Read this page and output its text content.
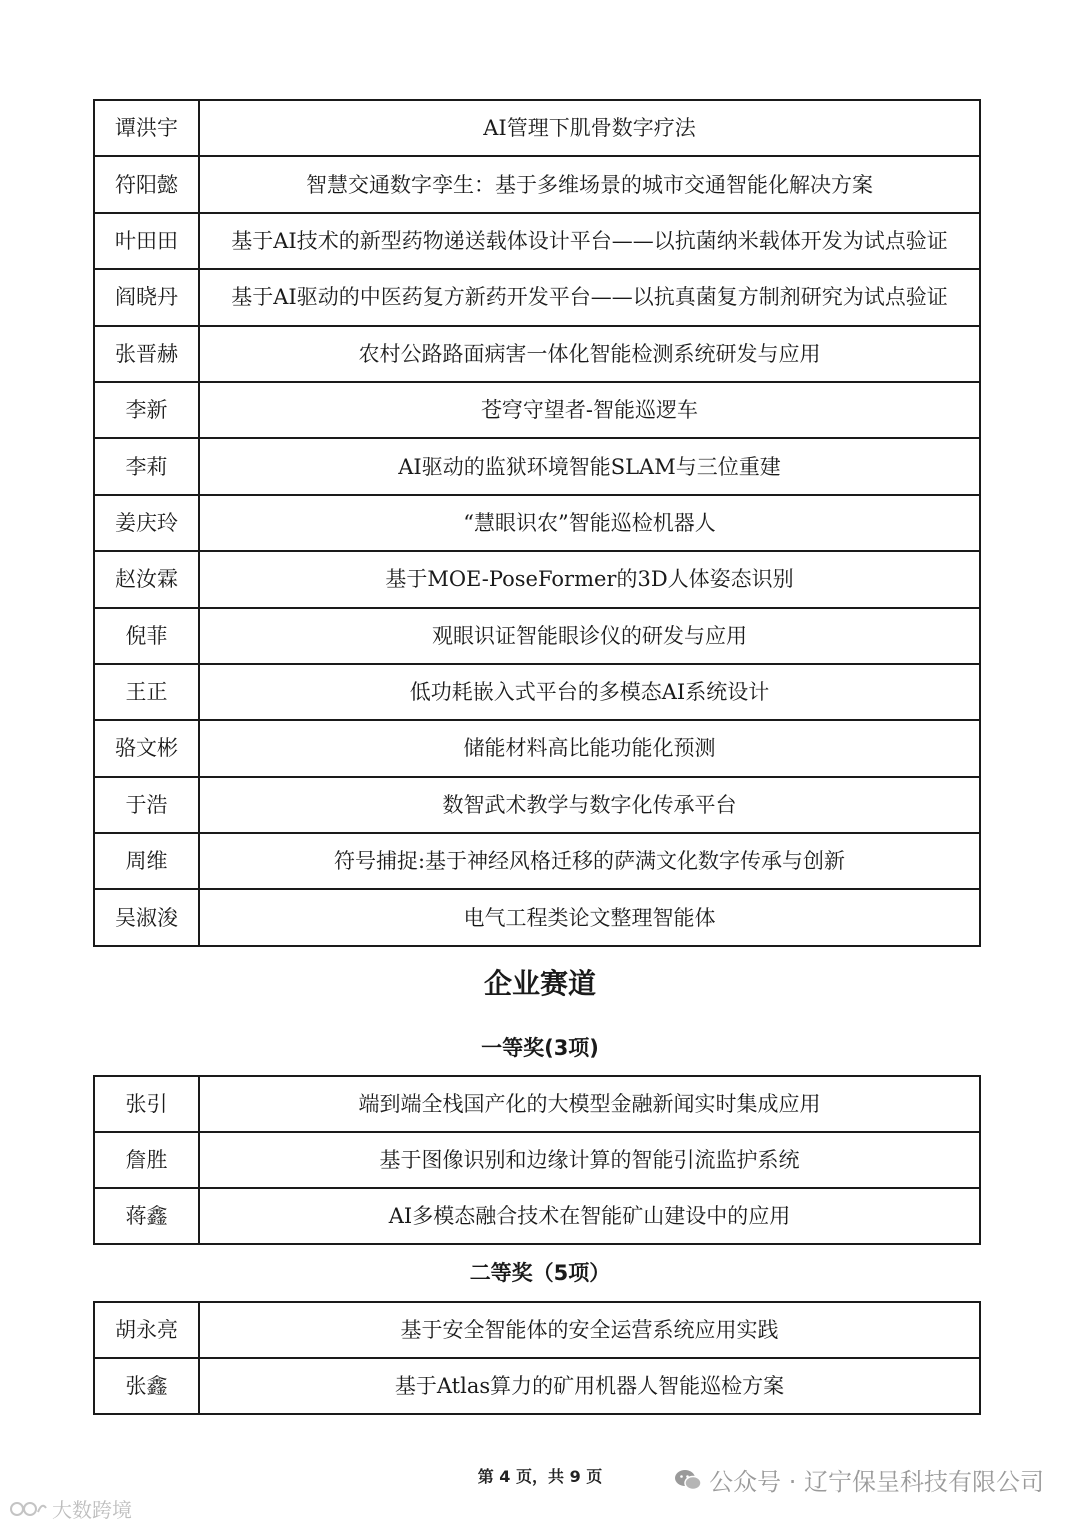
谭洪宇	AI管理下肌骨数字疗法
符阳懿	智慧交通数字孪生：基于多维场景的城市交通智能化解决方案
叶田田	基于AI技术的新型药物递送载体设计平台——以抗菌纳米载体开发为试点验证
阎晓丹	基于AI驱动的中医药复方新药开发平台——以抗真菌复方制剂研究为试点验证
张晋赫	农村公路路面病害一体化智能检测系统研发与应用
李新	苍穹守望者-智能巡逻车
李莉	AI驱动的监狱环境智能SLAM与三位重建
姜庆玲	“慧眼识农”智能巡检机器人
赵汝霖	基于MOE-PoseFormer的3D人体姿态识别
倪菲	观眼识证智能眼诊仪的研发与应用
王正	低功耗嵌入式平台的多模态AI系统设计
骆文彬	储能材料高比能功能化预测
于浩	数智武术教学与数字化传承平台
周维	符号捕捉:基于神经风格迁移的萨满文化数字传承与创新
吴淑浚	电气工程类论文整理智能体
企业赛道
一等奖(3项)
张引	端到端全栈国产化的大模型金融新闻实时集成应用
詹胜	基于图像识别和边缘计算的智能引流监护系统
蒋鑫	AI多模态融合技术在智能矿山建设中的应用
二等奖（5项）
胡永亮	基于安全智能体的安全运营系统应用实践
张鑫	基于Atlas算力的矿用机器人智能巡检方案
第 4 页，共 9 页
大数跨境
公众号 · 辽宁保呈科技有限公司
